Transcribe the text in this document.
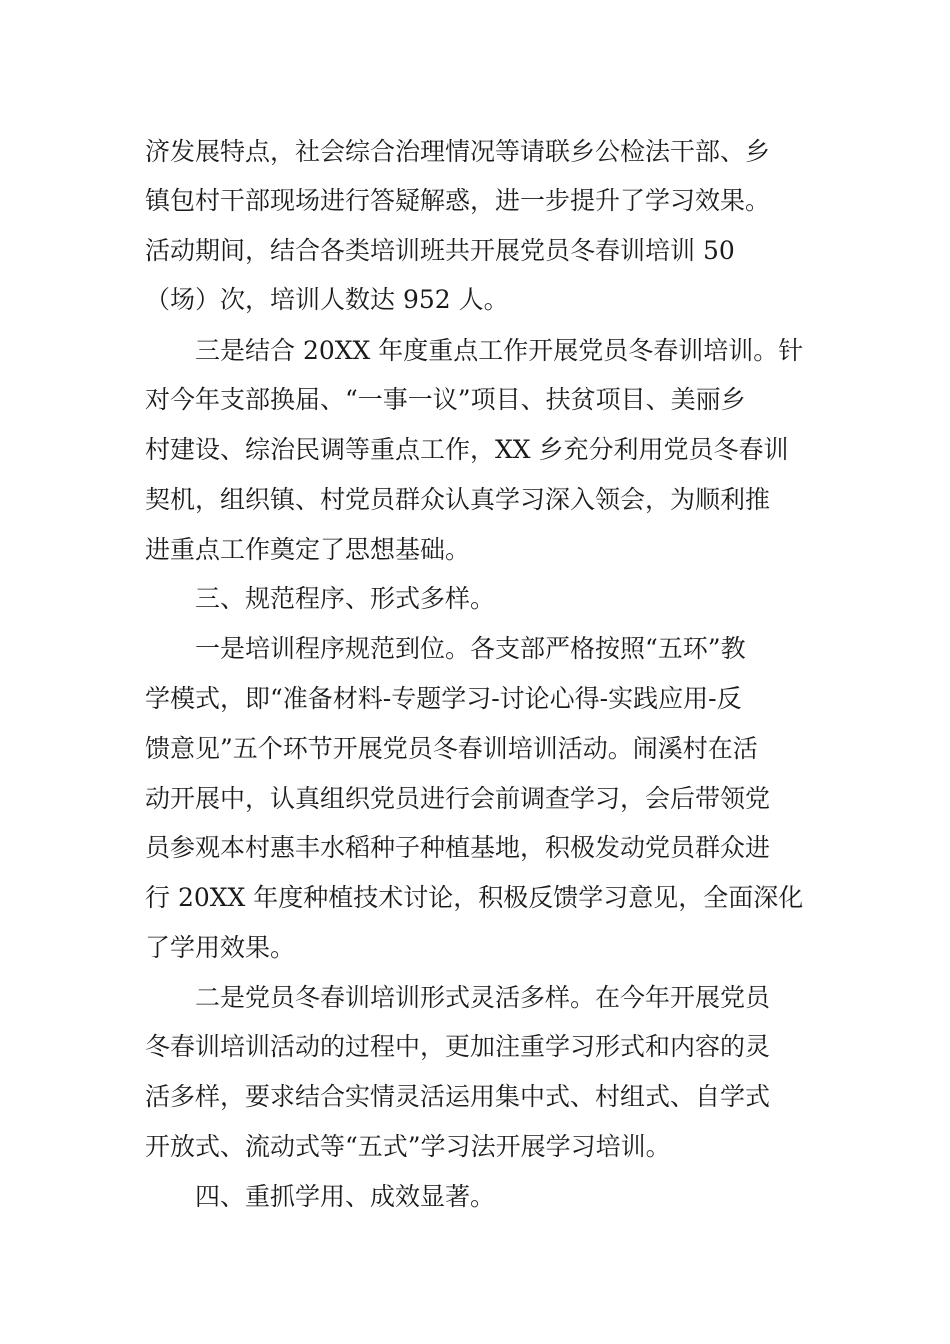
济发展特点，社会综合治理情况等请联乡公检法干部、乡
镇包村干部现场进行答疑解惑，进一步提升了学习效果。
活动期间，结合各类培训班共开展党员冬春训培训 50
（场）次，培训人数达 952 人。
三是结合 20XX 年度重点工作开展党员冬春训培训。针
对今年支部换届、“一事一议”项目、扶贫项目、美丽乡
村建设、综治民调等重点工作，XX 乡充分利用党员冬春训
契机，组织镇、村党员群众认真学习深入领会，为顺利推
进重点工作奠定了思想基础。
三、规范程序、形式多样。
一是培训程序规范到位。各支部严格按照“五环”教
学模式，即“准备材料-专题学习-讨论心得-实践应用-反
馈意见”五个环节开展党员冬春训培训活动。闹溪村在活
动开展中，认真组织党员进行会前调查学习，会后带领党
员参观本村惠丰水稻种子种植基地，积极发动党员群众进
行 20XX 年度种植技术讨论，积极反馈学习意见，全面深化
了学用效果。
二是党员冬春训培训形式灵活多样。在今年开展党员
冬春训培训活动的过程中，更加注重学习形式和内容的灵
活多样，要求结合实情灵活运用集中式、村组式、自学式
开放式、流动式等“五式”学习法开展学习培训。
四、重抓学用、成效显著。
